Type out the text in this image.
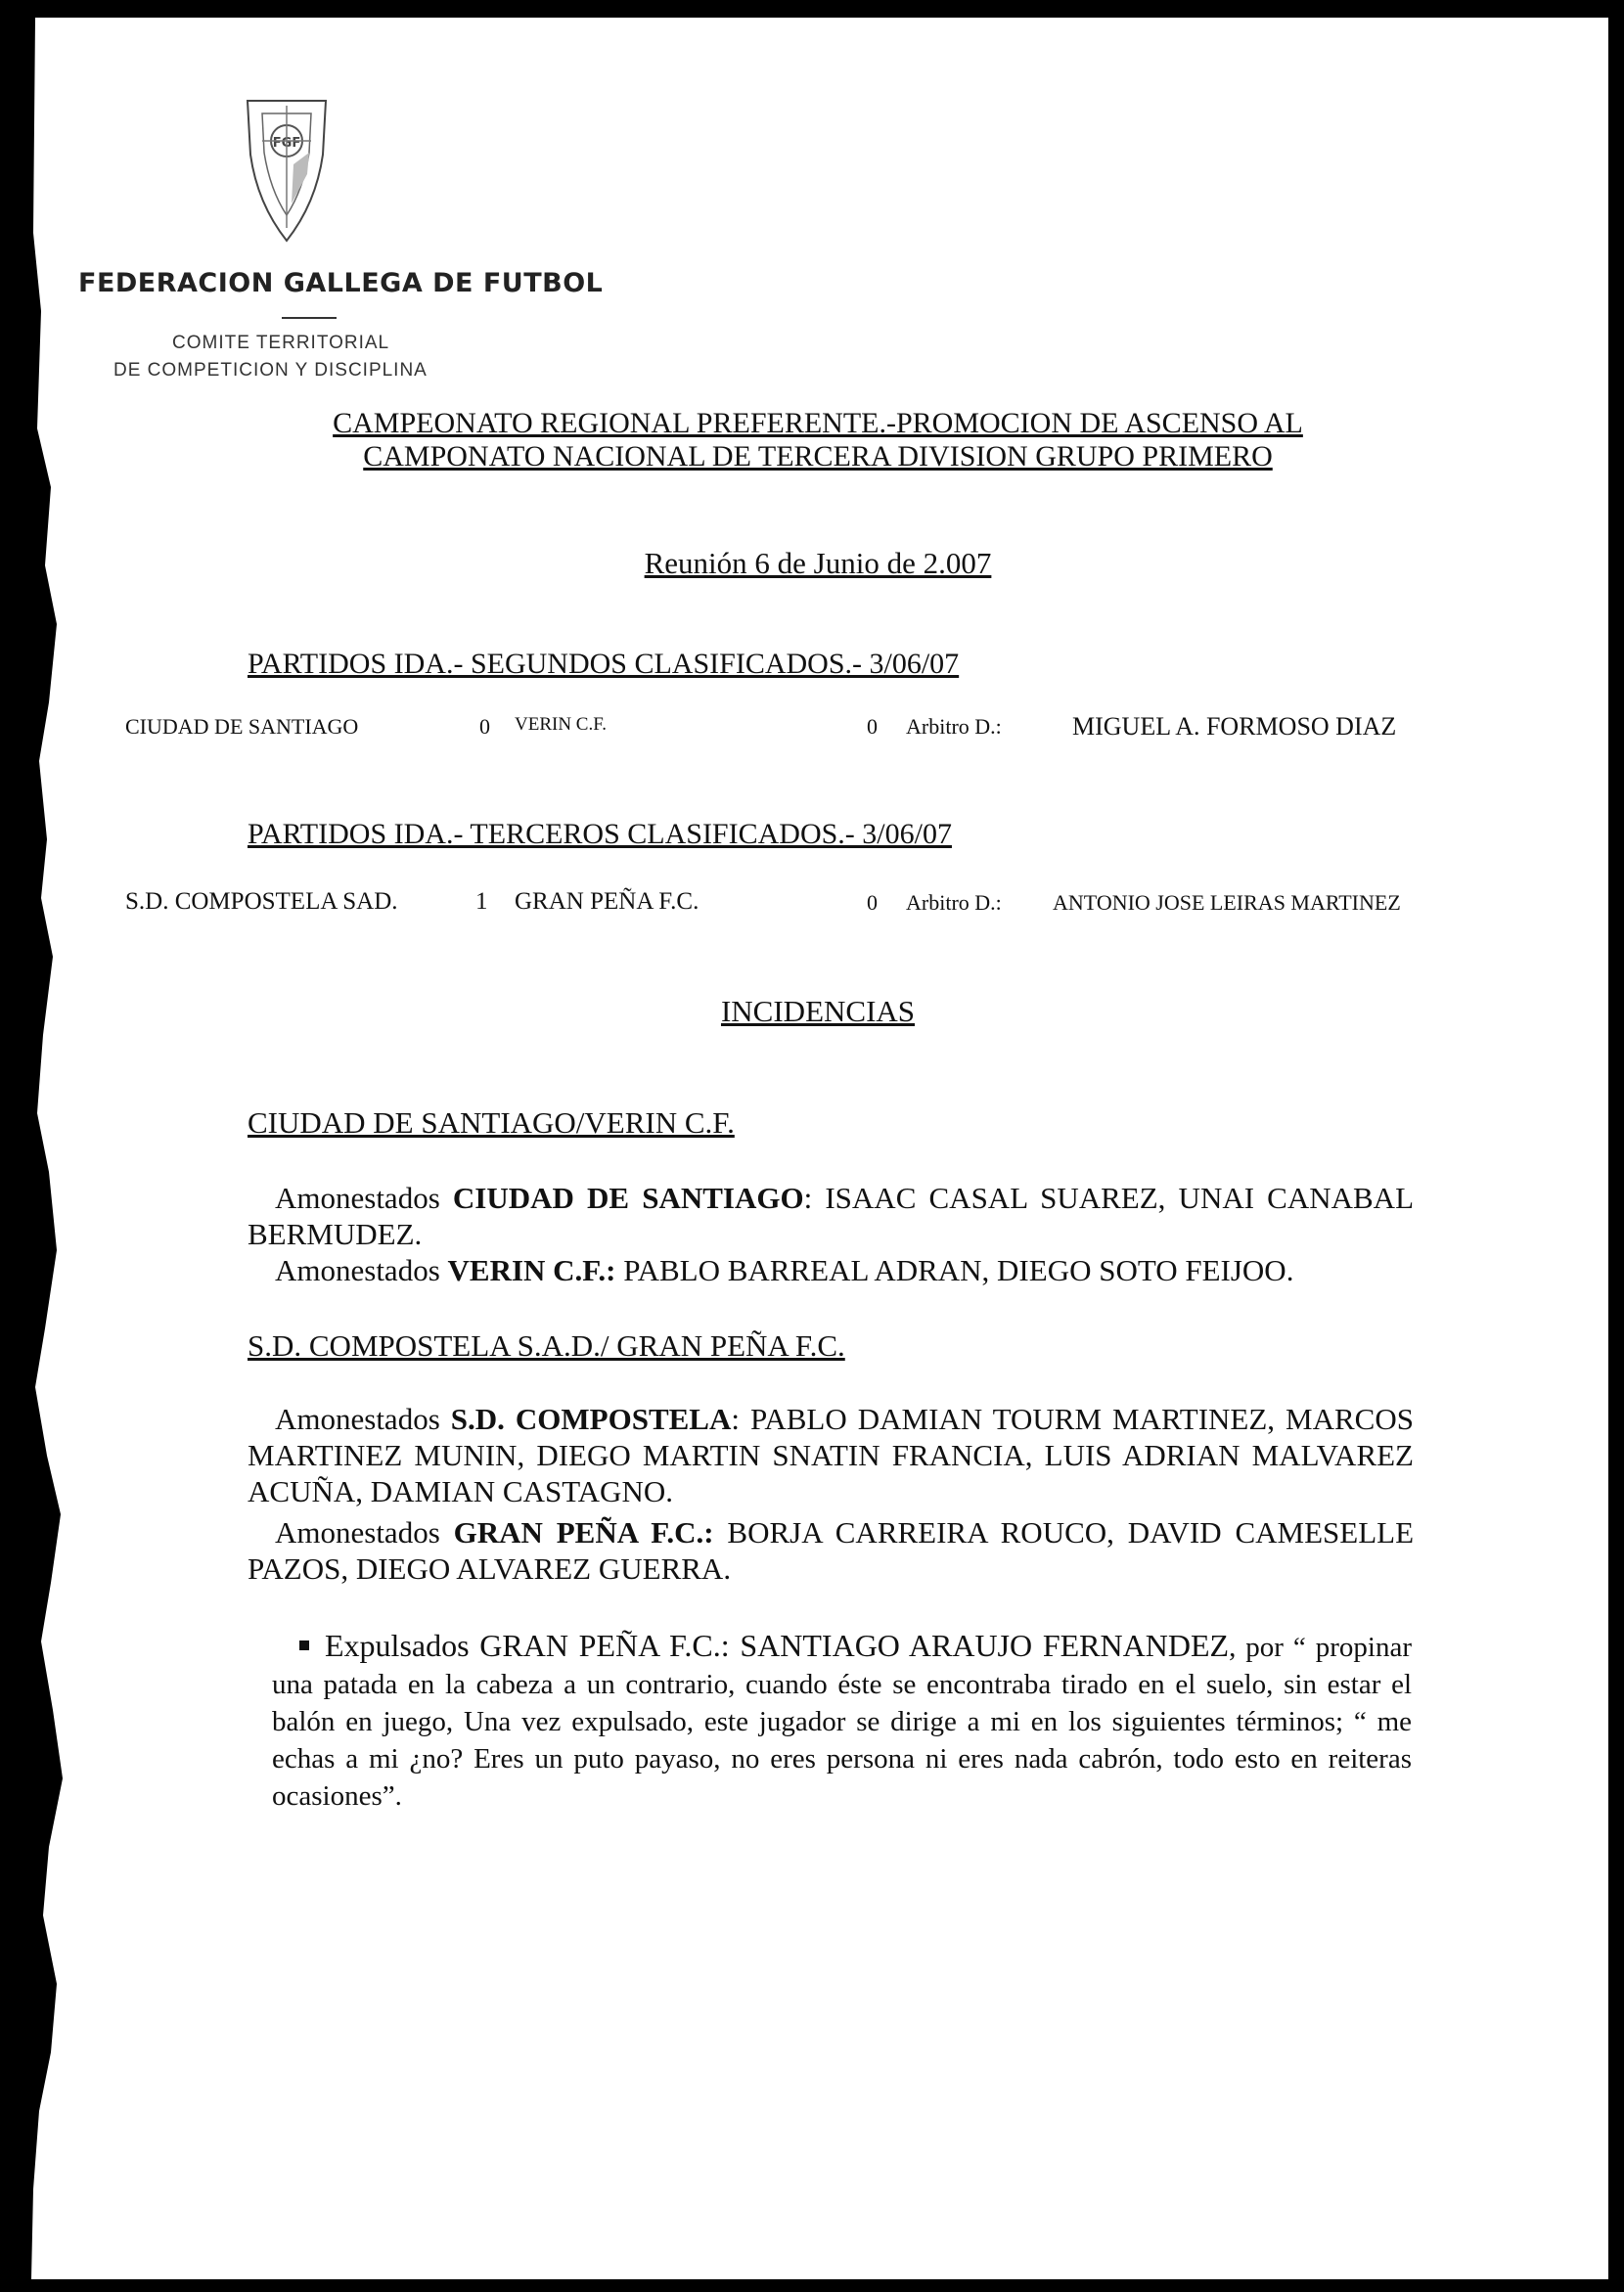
FGF
FEDERACION GALLEGA DE FUTBOL
COMITE TERRITORIAL
DE COMPETICION Y DISCIPLINA
CAMPEONATO REGIONAL PREFERENTE.-PROMOCION DE ASCENSO AL
CAMPONATO NACIONAL DE TERCERA DIVISION GRUPO PRIMERO
Reunión 6 de Junio de 2.007
PARTIDOS IDA.- SEGUNDOS CLASIFICADOS.- 3/06/07
CIUDAD DE SANTIAGO	0 VERIN C.F.	0 Arbitro D.:	MIGUEL A. FORMOSO DIAZ
PARTIDOS IDA.- TERCEROS CLASIFICADOS.- 3/06/07
S.D. COMPOSTELA SAD.	1 GRAN PEÑA F.C.	0 Arbitro D.: ANTONIO JOSE LEIRAS MARTINEZ
INCIDENCIAS
CIUDAD DE SANTIAGO/VERIN C.F.
Amonestados CIUDAD DE SANTIAGO: ISAAC CASAL SUAREZ, UNAI CANABAL BERMUDEZ.
Amonestados VERIN C.F.: PABLO BARREAL ADRAN, DIEGO SOTO FEIJOO.
S.D. COMPOSTELA S.A.D./ GRAN PEÑA F.C.
Amonestados S.D. COMPOSTELA: PABLO DAMIAN TOURM MARTINEZ, MARCOS MARTINEZ MUNIN, DIEGO MARTIN SNATIN FRANCIA, LUIS ADRIAN MALVAREZ ACUÑA, DAMIAN CASTAGNO.
Amonestados GRAN PEÑA F.C.: BORJA CARREIRA ROUCO, DAVID CAMESELLE PAZOS, DIEGO ALVAREZ GUERRA.
Expulsados GRAN PEÑA F.C.: SANTIAGO ARAUJO FERNANDEZ, por “ propinar una patada en la cabeza a un contrario, cuando éste se encontraba tirado en el suelo, sin estar el balón en juego, Una vez expulsado, este jugador se dirige a mi en los siguientes términos; “ me echas a mi ¿no? Eres un puto payaso, no eres persona ni eres nada cabrón, todo esto en reiteras ocasiones”.
